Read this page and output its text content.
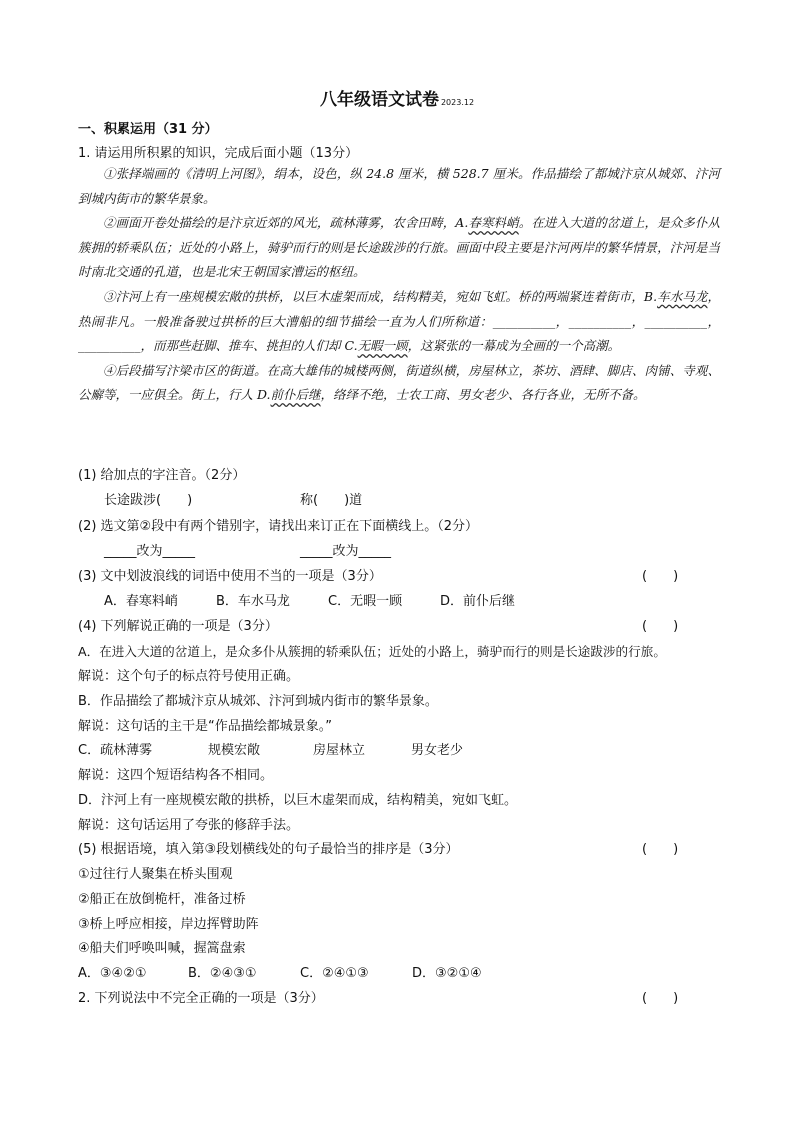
八年级语文试卷 2023.12
一、积累运用（31 分）
1. 请运用所积累的知识，完成后面小题（13分）

①张择端画的《清明上河图》，绢本，设色，纵 24.8 厘米，横 528.7 厘米。作品描绘了都城汴京从城郊、汴河到城内街市的繁华景象。

②画面开卷处描绘的是汴京近郊的风光，疏林薄雾，农舍田畴，A.春寒料峭。在进入大道的岔道上，是众多仆从簇拥的轿乘队伍；近处的小路上，骑驴而行的则是长途跋涉的行旅。画面中段主要是汴河两岸的繁华情景，汴河是当时南北交通的孔道，也是北宋王朝国家漕运的枢纽。

③汴河上有一座规模宏敞的拱桥，以巨木虚架而成，结构精美，宛如飞虹。桥的两端紧连着街市，B.车水马龙，热闹非凡。一般准备驶过拱桥的巨大漕船的细节描绘一直为人们所称道：__________，__________，__________，__________，而那些赶脚、推车、挑担的人们却 C.无暇一顾，这紧张的一幕成为全画的一个高潮。

④后段描写汴梁市区的街道。在高大雄伟的城楼两侧，街道纵横，房屋林立，茶坊、酒肆、脚店、肉铺、寺观、公廨等，一应俱全。街上，行人 D.前仆后继，络绎不绝，士农工商、男女老少、各行各业，无所不备。

(1) 给加点的字注音。（2分）
长途跋涉(　　)	称(　　)道
(2) 选文第②段中有两个错别字，请找出来订正在下面横线上。（2分）
_____改为_____	_____改为_____
(3) 文中划波浪线的词语中使用不当的一项是（3分）	(　　)
A．春寒料峭	B．车水马龙	C．无暇一顾	D．前仆后继
(4) 下列解说正确的一项是（3分）	(　　)
A．在进入大道的岔道上，是众多仆从簇拥的轿乘队伍；近处的小路上，骑驴而行的则是长途跋涉的行旅。
解说：这个句子的标点符号使用正确。
B．作品描绘了都城汴京从城郊、汴河到城内街市的繁华景象。
解说：这句话的主干是“作品描绘都城景象。”
C．疏林薄雾	规模宏敞	房屋林立	男女老少
解说：这四个短语结构各不相同。
D．汴河上有一座规模宏敞的拱桥，以巨木虚架而成，结构精美，宛如飞虹。
解说：这句话运用了夸张的修辞手法。
(5) 根据语境，填入第③段划横线处的句子最恰当的排序是（3分）	(　　)
①过往行人聚集在桥头围观
②船正在放倒桅杆，准备过桥
③桥上呼应相接，岸边挥臂助阵
④船夫们呼唤叫喊，握篙盘索
A．③④②①	B．②④③①	C．②④①③	D．③②①④
2. 下列说法中不完全正确的一项是（3分）	(　　)
